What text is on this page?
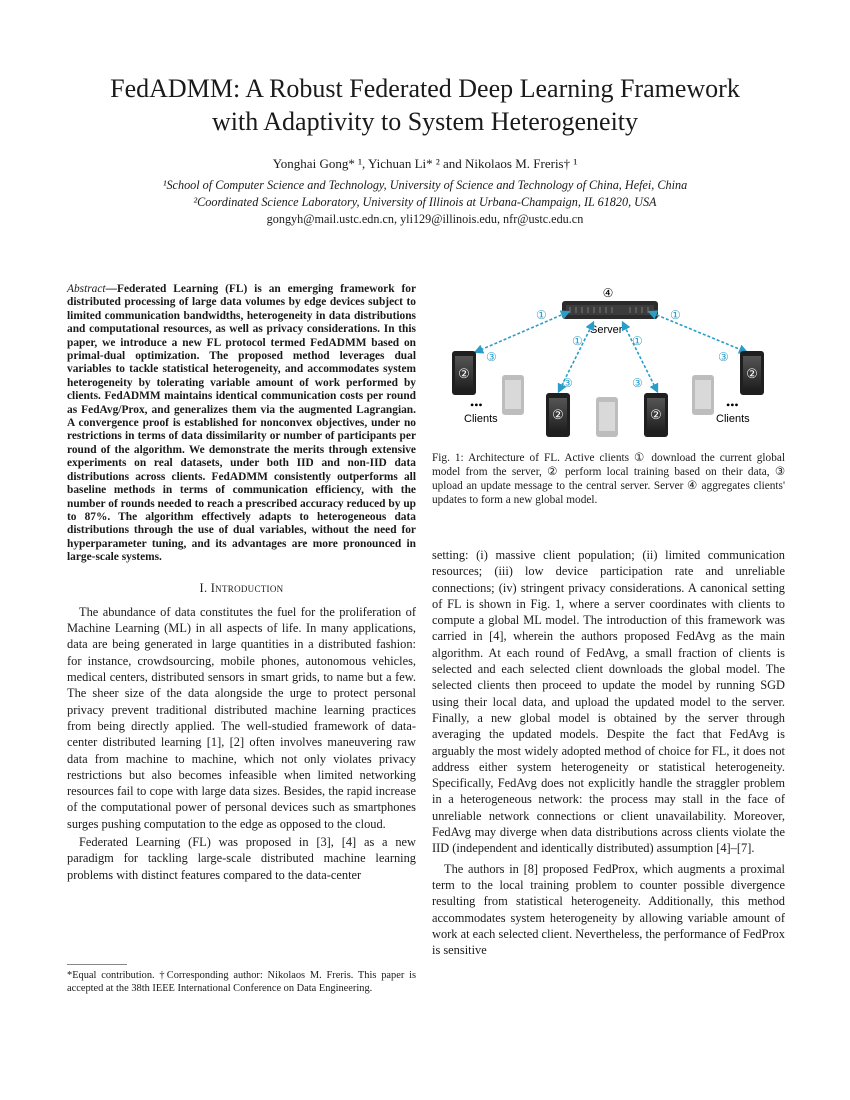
FedADMM: A Robust Federated Deep Learning Framework
with Adaptivity to System Heterogeneity
Yonghai Gong* ¹, Yichuan Li* ² and Nikolaos M. Freris† ¹
¹School of Computer Science and Technology, University of Science and Technology of China, Hefei, China
²Coordinated Science Laboratory, University of Illinois at Urbana-Champaign, IL 61820, USA
gongyh@mail.ustc.edn.cn, yli129@illinois.edu, nfr@ustc.edu.cn
Abstract—Federated Learning (FL) is an emerging framework for distributed processing of large data volumes by edge devices subject to limited communication bandwidths, heterogeneity in data distributions and computational resources, as well as privacy considerations. In this paper, we introduce a new FL protocol termed FedADMM based on primal-dual optimization. The proposed method leverages dual variables to tackle statistical heterogeneity, and accommodates system heterogeneity by tolerating variable amount of work performed by clients. FedADMM maintains identical communication costs per round as FedAvg/Prox, and generalizes them via the augmented Lagrangian. A convergence proof is established for nonconvex objectives, under no restrictions in terms of data dissimilarity or number of participants per round of the algorithm. We demonstrate the merits through extensive experiments on real datasets, under both IID and non-IID data distributions across clients. FedADMM consistently outperforms all baseline methods in terms of communication efficiency, with the number of rounds needed to reach a prescribed accuracy reduced by up to 87%. The algorithm effectively adapts to heterogeneous data distributions through the use of dual variables, without the need for hyperparameter tuning, and its advantages are more pronounced in large-scale systems.
I. Introduction

The abundance of data constitutes the fuel for the proliferation of Machine Learning (ML) in all aspects of life. In many applications, data are being generated in large quantities in a distributed fashion: for instance, crowdsourcing, mobile phones, autonomous vehicles, medical centers, distributed sensors in smart grids, to name but a few. The sheer size of the data alongside the urge to protect personal privacy prevent traditional distributed machine learning practices from being directly applied. The well-studied framework of data-center distributed learning [1], [2] often involves maneuvering raw data from machine to machine, which not only violates privacy restrictions but also becomes infeasible when limited networking resources fail to cope with large data sizes. Besides, the rapid increase of the computational power of personal devices such as smartphones surges pushing computation to the edge as opposed to the cloud.

Federated Learning (FL) was proposed in [3], [4] as a new paradigm for tackling large-scale distributed machine learning problems with distinct features compared to the data-center

*Equal contribution. †Corresponding author: Nikolaos M. Freris. This paper is accepted at the 38th IEEE International Conference on Data Engineering.
④
Server
①	①
①	①
③	③
③	③
②
②	②
②
•••	•••
Clients	Clients
Fig. 1: Architecture of FL. Active clients ① download the current global model from the server, ② perform local training based on their data, ③ upload an update message to the central server. Server ④ aggregates clients' updates to form a new global model.

setting: (i) massive client population; (ii) limited communication resources; (iii) low device participation rate and unreliable connections; (iv) stringent privacy considerations. A canonical setting of FL is shown in Fig. 1, where a server coordinates with clients to compute a global ML model. The introduction of this framework was carried in [4], wherein the authors proposed FedAvg as the main algorithm. At each round of FedAvg, a small fraction of clients is selected and each selected client downloads the global model. The selected clients then proceed to update the model by running SGD using their local data, and upload the updated model to the server. Finally, a new global model is obtained by the server through averaging the updated models. Despite the fact that FedAvg is arguably the most widely adopted method of choice for FL, it does not address either system heterogeneity or statistical heterogeneity. Specifically, FedAvg does not explicitly handle the straggler problem in a heterogeneous network: the process may stall in the face of unreliable network connections or client unavailability. Moreover, FedAvg may diverge when data distributions across clients violate the IID (independent and identically distributed) assumption [4]–[7].

The authors in [8] proposed FedProx, which augments a proximal term to the local training problem to counter possible divergence resulting from statistical heterogeneity. Additionally, this method accommodates system heterogeneity by allowing variable amount of work at each selected client. Nevertheless, the performance of FedProx is sensitive
